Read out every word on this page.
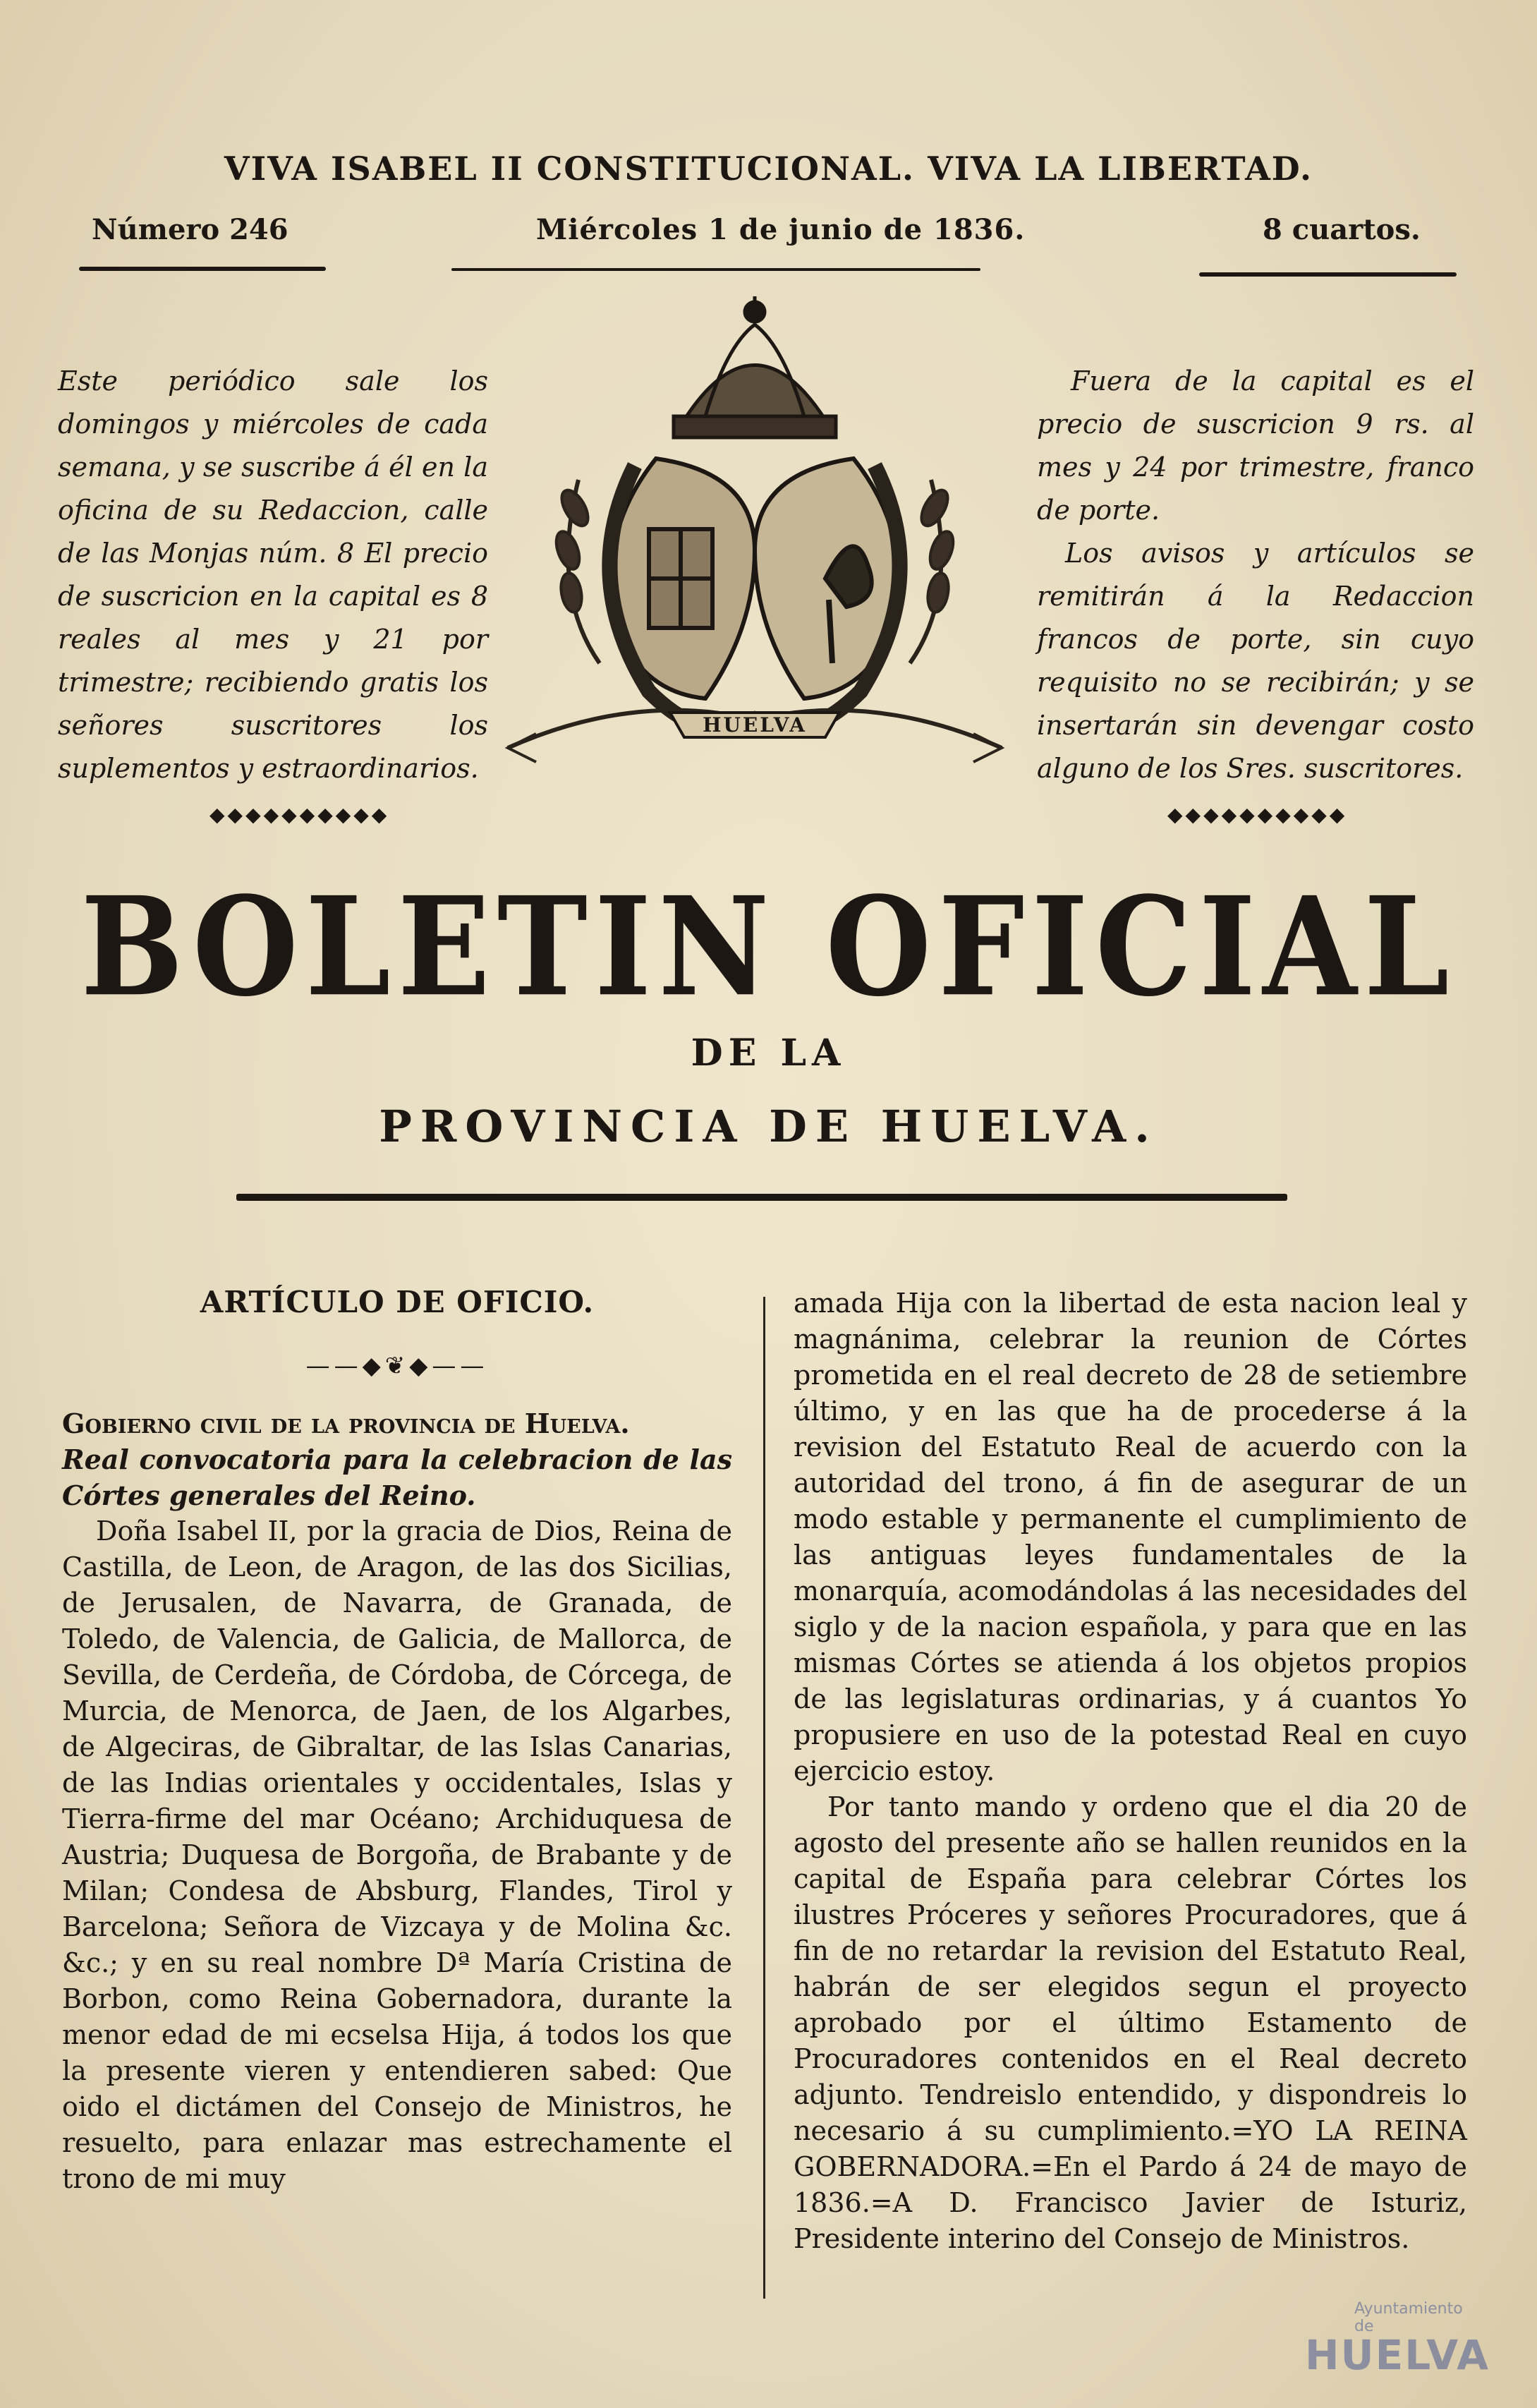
VIVA ISABEL II CONSTITUCIONAL. VIVA LA LIBERTAD.
Número 246	Miércoles 1 de junio de 1836.	8 cuartos.

Este periódico sale los domingos y miércoles de cada semana, y se suscribe á él en la oficina de su Redaccion, calle de las Monjas núm. 8 El precio de suscricion en la capital es 8 reales al mes y 21 por trimestre; recibiendo gratis los señores suscritores los suplementos y estraordinarios.

◆◆◆◆◆◆◆◆◆◆

Fuera de la capital es el precio de suscricion 9 rs. al mes y 24 por trimestre, franco de porte.

Los avisos y artículos se remitirán á la Redaccion francos de porte, sin cuyo requisito no se recibirán; y se insertarán sin devengar costo alguno de los Sres. suscritores.

◆◆◆◆◆◆◆◆◆◆
HUELVA
BOLETIN OFICIAL
DE LA
PROVINCIA DE HUELVA.
ARTÍCULO DE OFICIO.
——◆❦◆——

Gobierno civil de la provincia de Huelva.

Real convocatoria para la celebracion de las Córtes generales del Reino.

Doña Isabel II, por la gracia de Dios, Reina de Castilla, de Leon, de Aragon, de las dos Sicilias, de Jerusalen, de Navarra, de Granada, de Toledo, de Valencia, de Galicia, de Mallorca, de Sevilla, de Cerdeña, de Córdoba, de Córcega, de Murcia, de Menorca, de Jaen, de los Algarbes, de Algeciras, de Gibraltar, de las Islas Canarias, de las Indias orientales y occidentales, Islas y Tierra-firme del mar Océano; Archiduquesa de Austria; Duquesa de Borgoña, de Brabante y de Milan; Condesa de Absburg, Flandes, Tirol y Barcelona; Señora de Vizcaya y de Molina &c. &c.; y en su real nombre Dª María Cristina de Borbon, como Reina Gobernadora, durante la menor edad de mi ecselsa Hija, á todos los que la presente vieren y entendieren sabed: Que oido el dictámen del Consejo de Ministros, he resuelto, para enlazar mas estrechamente el trono de mi muy

amada Hija con la libertad de esta nacion leal y magnánima, celebrar la reunion de Córtes prometida en el real decreto de 28 de setiembre último, y en las que ha de procederse á la revision del Estatuto Real de acuerdo con la autoridad del trono, á fin de asegurar de un modo estable y permanente el cumplimiento de las antiguas leyes fundamentales de la monarquía, acomodándolas á las necesidades del siglo y de la nacion española, y para que en las mismas Córtes se atienda á los objetos propios de las legislaturas ordinarias, y á cuantos Yo propusiere en uso de la potestad Real en cuyo ejercicio estoy.

Por tanto mando y ordeno que el dia 20 de agosto del presente año se hallen reunidos en la capital de España para celebrar Córtes los ilustres Próceres y señores Procuradores, que á fin de no retardar la revision del Estatuto Real, habrán de ser elegidos segun el proyecto aprobado por el último Estamento de Procuradores contenidos en el Real decreto adjunto. Tendreislo entendido, y dispondreis lo necesario á su cumplimiento.=YO LA REINA GOBERNADORA.=En el Pardo á 24 de mayo de 1836.=A D. Francisco Javier de Isturiz, Presidente interino del Consejo de Ministros.

Ayuntamiento de
HUELVA
